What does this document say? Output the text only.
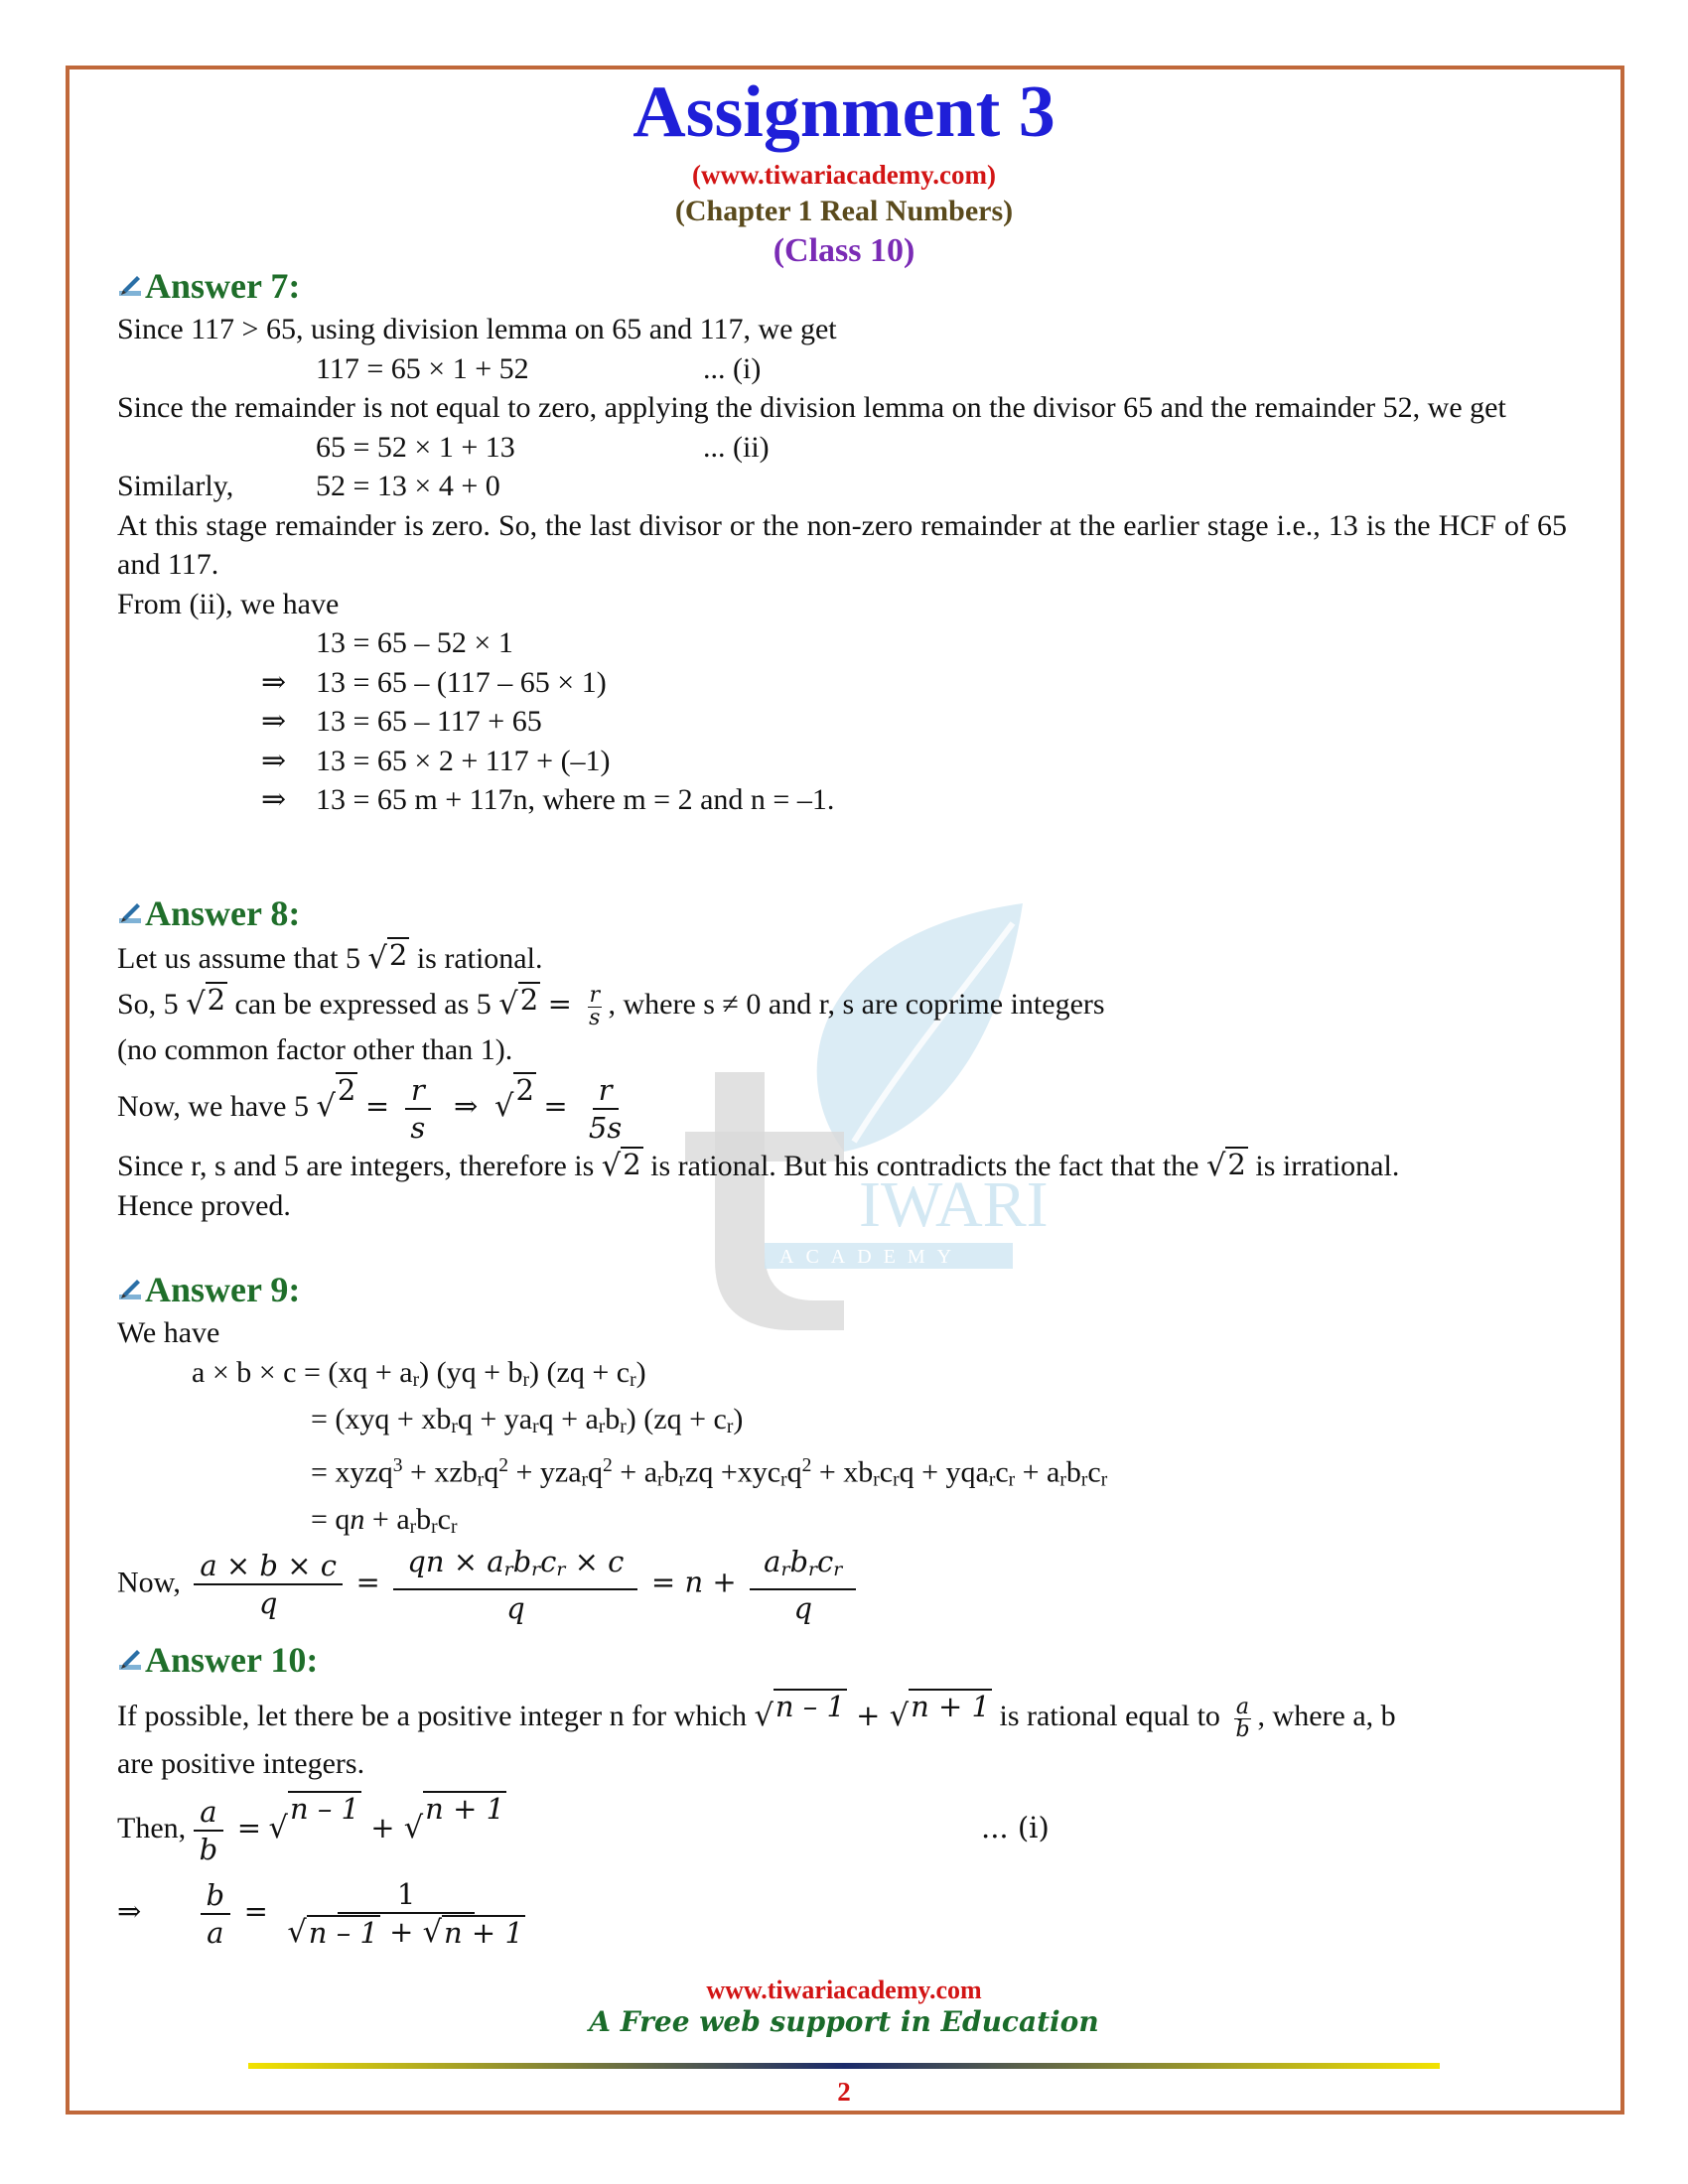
IWARI
ACADEMY
Assignment 3
(www.tiwariacademy.com)
(Chapter 1 Real Numbers)
(Class 10)
Answer 7:
Since 117 > 65, using division lemma on 65 and 117, we get
117 = 65 × 1 + 52	... (i)
Since the remainder is not equal to zero, applying the division lemma on the divisor 65 and the remainder 52, we get
65 = 52 × 1 + 13	... (ii)
Similarly,	52 = 13 × 4 + 0
At this stage remainder is zero. So, the last divisor or the non-zero remainder at the earlier stage i.e., 13 is the HCF of 65 and 117.
From (ii), we have
13 = 65 – 52 × 1
⇒ 13 = 65 – (117 – 65 × 1)
⇒ 13 = 65 – 117 + 65
⇒ 13 = 65 × 2 + 117 + (–1)
⇒ 13 = 65 m + 117n, where m = 2 and n = –1.
Answer 8:
Let us assume that 5 √ 2 is rational.
So, 5 √ 2 can be expressed as 5 √ $2 = \frac{r}{s}$ , where s ≠ 0 and r, s are coprime integers
(no common factor other than 1).
Now, we have 5 √ $2 = \frac{r}{s}$ ⇒ √ $2 = \frac{r}{5s}$
Since r, s and 5 are integers, therefore is √ 2 is rational. But his contradicts the fact that the √ 2 is irrational.
Hence proved.
Answer 9:
We have
a × b × c = (xq + ar) (yq + br) (zq + cr)
= (xyq + xbrq + yarq + arbr) (zq + cr)
= xyzq$^3$ + xzbrq$^2$ + yzarq$^2$ + arbrzq +xycrq$^2$ + xbrcrq + yqarcr + arbrcr
= qn + arbrcr
Now, $\frac{a \times b \times c}{q} = \frac{\text{qn × arbrcr × c}}{q} = n + \frac{\text{arbrcr}}{q}$
Answer 10:
If possible, let there be a positive integer n for which √ n – 1 + √ n + 1 is rational equal to $\frac{a}{b}$ , where a, b
are positive integers.
Then, $\frac{a}{b}$ = √
n – 1
+ √
n + 1
... (i)
⇒ $\frac{b}{a} = \frac{1}{√ n - 1 + √ n + 1}$
www.tiwariacademy.com
A Free web support in Education
2
